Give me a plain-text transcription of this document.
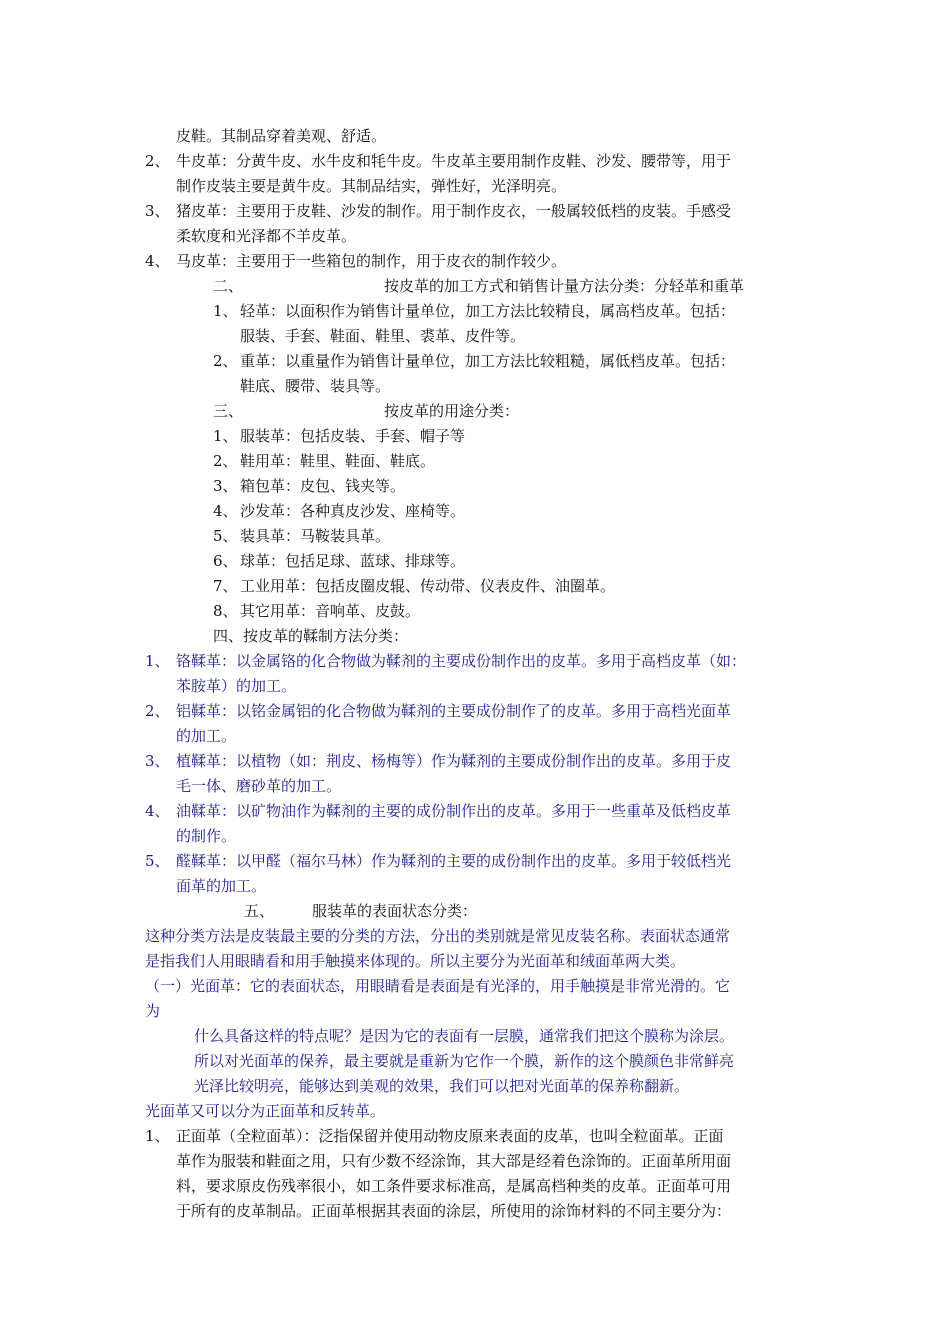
皮鞋。其制品穿着美观、舒适。
2、 牛皮革：分黄牛皮、水牛皮和牦牛皮。牛皮革主要用制作皮鞋、沙发、腰带等，用于
制作皮装主要是黄牛皮。其制品结实，弹性好，光泽明亮。
3、 猪皮革：主要用于皮鞋、沙发的制作。用于制作皮衣，一般属较低档的皮装。手感受
柔软度和光泽都不羊皮革。
4、 马皮革：主要用于一些箱包的制作，用于皮衣的制作较少。
二、	按皮革的加工方式和销售计量方法分类：分轻革和重革
1、 轻革：以面积作为销售计量单位，加工方法比较精良，属高档皮革。包括：
服装、手套、鞋面、鞋里、裘革、皮件等。
2、 重革：以重量作为销售计量单位，加工方法比较粗糙，属低档皮革。包括：
鞋底、腰带、装具等。
三、	按皮革的用途分类：
1、 服装革：包括皮装、手套、帽子等
2、 鞋用革：鞋里、鞋面、鞋底。
3、 箱包革：皮包、钱夹等。
4、 沙发革：各种真皮沙发、座椅等。
5、 装具革：马鞍装具革。
6、 球革：包括足球、蓝球、排球等。
7、 工业用革：包括皮圈皮辊、传动带、仪表皮件、油圈革。
8、 其它用革：音响革、皮鼓。
四、按皮革的鞣制方法分类：
1、 铬鞣革：以金属铬的化合物做为鞣剂的主要成份制作出的皮革。多用于高档皮革（如：
苯胺革）的加工。
2、 铝鞣革：以铭金属铝的化合物做为鞣剂的主要成份制作了的皮革。多用于高档光面革
的加工。
3、 植鞣革：以植物（如：荆皮、杨梅等）作为鞣剂的主要成份制作出的皮革。多用于皮
毛一体、磨砂革的加工。
4、 油鞣革：以矿物油作为鞣剂的主要的成份制作出的皮革。多用于一些重革及低档皮革
的制作。
5、 醛鞣革：以甲醛（福尔马林）作为鞣剂的主要的成份制作出的皮革。多用于较低档光
面革的加工。
五、	服装革的表面状态分类：
这种分类方法是皮装最主要的分类的方法，分出的类别就是常见皮装名称。表面状态通常
是指我们人用眼睛看和用手触摸来体现的。所以主要分为光面革和绒面革两大类。
（一）光面革：它的表面状态，用眼睛看是表面是有光泽的，用手触摸是非常光滑的。它
为
什么具备这样的特点呢？是因为它的表面有一层膜，通常我们把这个膜称为涂层。
所以对光面革的保养，最主要就是重新为它作一个膜，新作的这个膜颜色非常鲜亮
光泽比较明亮，能够达到美观的效果，我们可以把对光面革的保养称翻新。
光面革又可以分为正面革和反转革。
1、 正面革（全粒面革）：泛指保留并使用动物皮原来表面的皮革，也叫全粒面革。正面
革作为服装和鞋面之用，只有少数不经涂饰，其大部是经着色涂饰的。正面革所用面
料，要求原皮伤残率很小，如工条件要求标准高，是属高档种类的皮革。正面革可用
于所有的皮革制品。正面革根据其表面的涂层，所使用的涂饰材料的不同主要分为：
